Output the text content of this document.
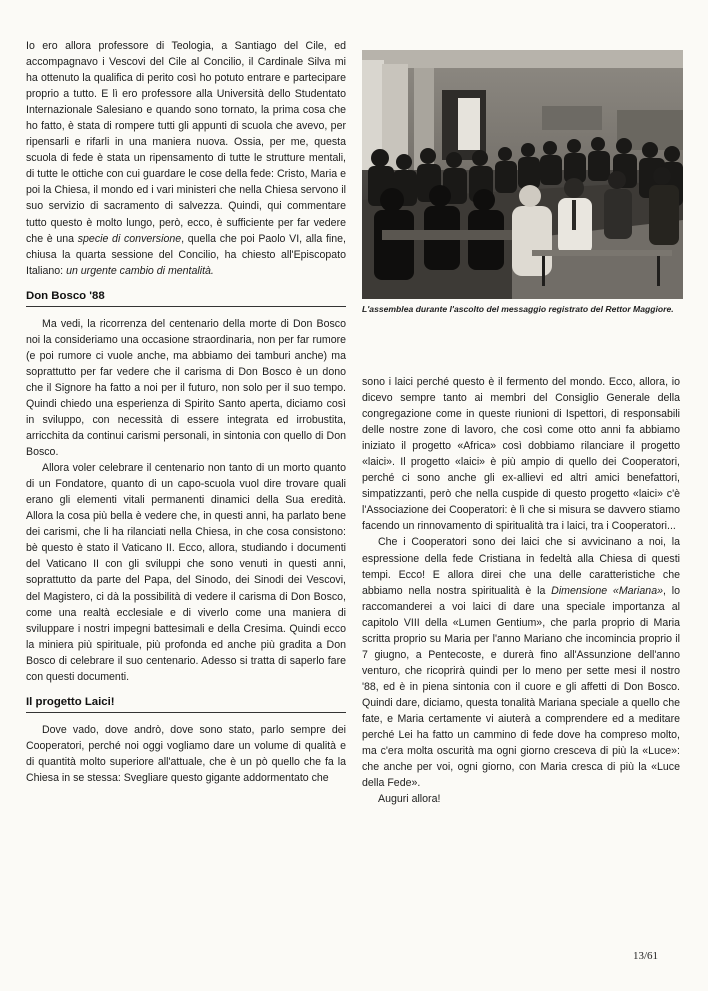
Io ero allora professore di Teologia, a Santiago del Cile, ed accompagnavo i Vescovi del Cile al Concilio, il Cardinale Silva mi ha ottenuto la qualifica di perito così ho potuto entrare e partecipare proprio a tutto. E lì ero professore alla Università dello Studentato Internazionale Salesiano e quando sono tornato, la prima cosa che ho fatto, è stata di rompere tutti gli appunti di scuola che avevo, per ripensarli e rifarli in una maniera nuova. Ossia, per me, questa scuola di fede è stata un ripensamento di tutte le strutture mentali, di tutte le ottiche con cui guardare le cose della fede: Cristo, Maria e poi la Chiesa, il mondo ed i vari ministeri che nella Chiesa servono il suo servizio di sacramento di salvezza. Quindi, qui commentare tutto questo è molto lungo, però, ecco, è sufficiente per far vedere che è una specie di conversione, quella che poi Paolo VI, alla fine, chiusa la quarta sessione del Concilio, ha chiesto all'Episcopato Italiano: un urgente cambio di mentalità.

Don Bosco '88

Ma vedi, la ricorrenza del centenario della morte di Don Bosco noi la consideriamo una occasione straordinaria, non per far rumore (e poi rumore ci vuole anche, ma abbiamo dei tamburi anche) ma soprattutto per far vedere che il carisma di Don Bosco è un dono che il Signore ha fatto a noi per il futuro, non solo per il suo tempo. Quindi chiedo una esperienza di Spirito Santo aperta, diciamo così in sviluppo, con necessità di essere integrata ed irrobustita, arricchita da continui carismi personali, in sintonia con quello di Don Bosco.

Allora voler celebrare il centenario non tanto di un morto quanto di un Fondatore, quanto di un capo-scuola vuol dire trovare quali erano gli elementi vitali permanenti dinamici della Sua eredità. Allora la cosa più bella è vedere che, in questi anni, ha parlato bene dei carismi, che li ha rilanciati nella Chiesa, in che cosa consistono: bè questo è stato il Vaticano II. Ecco, allora, studiando i documenti del Vaticano II con gli sviluppi che sono venuti in questi anni, soprattutto da parte del Papa, del Sinodo, dei Sinodi dei Vescovi, del Magistero, ci dà la possibilità di vedere il carisma di Don Bosco, come una realtà ecclesiale e di viverlo come una maniera di sviluppare i nostri impegni battesimali e della Cresima. Quindi ecco la miniera più spirituale, più profonda ed anche più gradita a Don Bosco di celebrare il suo centenario. Adesso si tratta di saperlo fare con questi documenti.

Il progetto Laici!

Dove vado, dove andrò, dove sono stato, parlo sempre dei Cooperatori, perché noi oggi vogliamo dare un volume di qualità e di quantità molto superiore all'attuale, che è un pò quello che fa la Chiesa in se stessa: Svegliare questo gigante addormentato che

L'assemblea durante l'ascolto del messaggio registrato del Rettor Maggiore.

sono i laici perché questo è il fermento del mondo. Ecco, allora, io dicevo sempre tanto ai membri del Consiglio Generale della congregazione come in queste riunioni di Ispettori, di responsabili delle nostre zone di lavoro, che così come otto anni fa abbiamo iniziato il progetto «Africa» così dobbiamo rilanciare il progetto «laici». Il progetto «laici» è più ampio di quello dei Cooperatori, perché ci sono anche gli ex-allievi ed altri amici benefattori, simpatizzanti, però che nella cuspide di questo progetto «laici» c'è l'Associazione dei Cooperatori: è lì che si misura se davvero stiamo facendo un rinnovamento di spiritualità tra i laici, tra i Cooperatori...

Che i Cooperatori sono dei laici che si avvicinano a noi, la espressione della fede Cristiana in fedeltà alla Chiesa di questi tempi. Ecco! E allora direi che una delle caratteristiche che abbiamo nella nostra spiritualità è la Dimensione «Mariana», lo raccomanderei a voi laici di dare una speciale importanza al capitolo VIII della «Lumen Gentium», che parla proprio di Maria scritta proprio su Maria per l'anno Mariano che incomincia proprio il 7 giugno, a Pentecoste, e durerà fino all'Assunzione dell'anno venturo, che ricoprirà quindi per lo meno per sette mesi il nostro '88, ed è in piena sintonia con il cuore e gli affetti di Don Bosco. Quindi dare, diciamo, questa tonalità Mariana speciale a quello che fate, e Maria certamente vi aiuterà a comprendere ed a meditare perché Lei ha fatto un cammino di fede dove ha compreso molto, ma c'era molta oscurità ma ogni giorno cresceva di più la «Luce»: che anche per voi, ogni giorno, con Maria cresca di più la «Luce della Fede».

Auguri allora!

13/61
